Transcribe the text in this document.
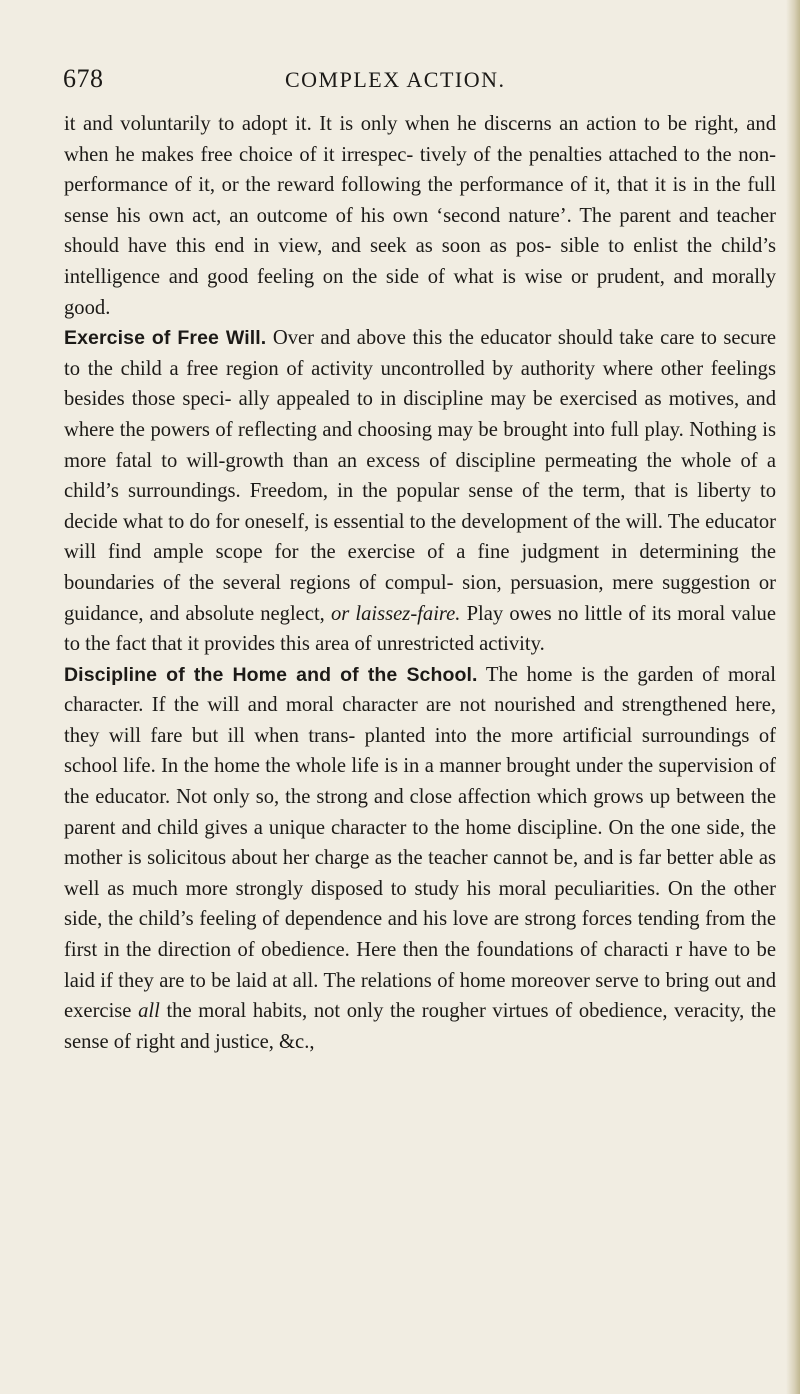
678	COMPLEX ACTION.

it and voluntarily to adopt it. It is only when he discerns an action to be right, and when he makes free choice of it irrespec- tively of the penalties attached to the non-performance of it, or the reward following the performance of it, that it is in the full sense his own act, an outcome of his own ‘second nature’. The parent and teacher should have this end in view, and seek as soon as pos- sible to enlist the child’s intelligence and good feeling on the side of what is wise or prudent, and morally good.

Exercise of Free Will. Over and above this the educator should take care to secure to the child a free region of activity uncontrolled by authority where other feelings besides those speci- ally appealed to in discipline may be exercised as motives, and where the powers of reflecting and choosing may be brought into full play. Nothing is more fatal to will-growth than an excess of discipline permeating the whole of a child’s surroundings. Freedom, in the popular sense of the term, that is liberty to decide what to do for oneself, is essential to the development of the will. The educator will find ample scope for the exercise of a fine judgment in determining the boundaries of the several regions of compul- sion, persuasion, mere suggestion or guidance, and absolute neglect, or laissez-faire. Play owes no little of its moral value to the fact that it provides this area of unrestricted activity.

Discipline of the Home and of the School. The home is the garden of moral character. If the will and moral character are not nourished and strengthened here, they will fare but ill when trans- planted into the more artificial surroundings of school life. In the home the whole life is in a manner brought under the supervision of the educator. Not only so, the strong and close affection which grows up between the parent and child gives a unique character to the home discipline. On the one side, the mother is solicitous about her charge as the teacher cannot be, and is far better able as well as much more strongly disposed to study his moral peculiarities. On the other side, the child’s feeling of dependence and his love are strong forces tending from the first in the direction of obedience. Here then the foundations of characti r have to be laid if they are to be laid at all. The relations of home moreover serve to bring out and exercise all the moral habits, not only the rougher virtues of obedience, veracity, the sense of right and justice, &c.,
